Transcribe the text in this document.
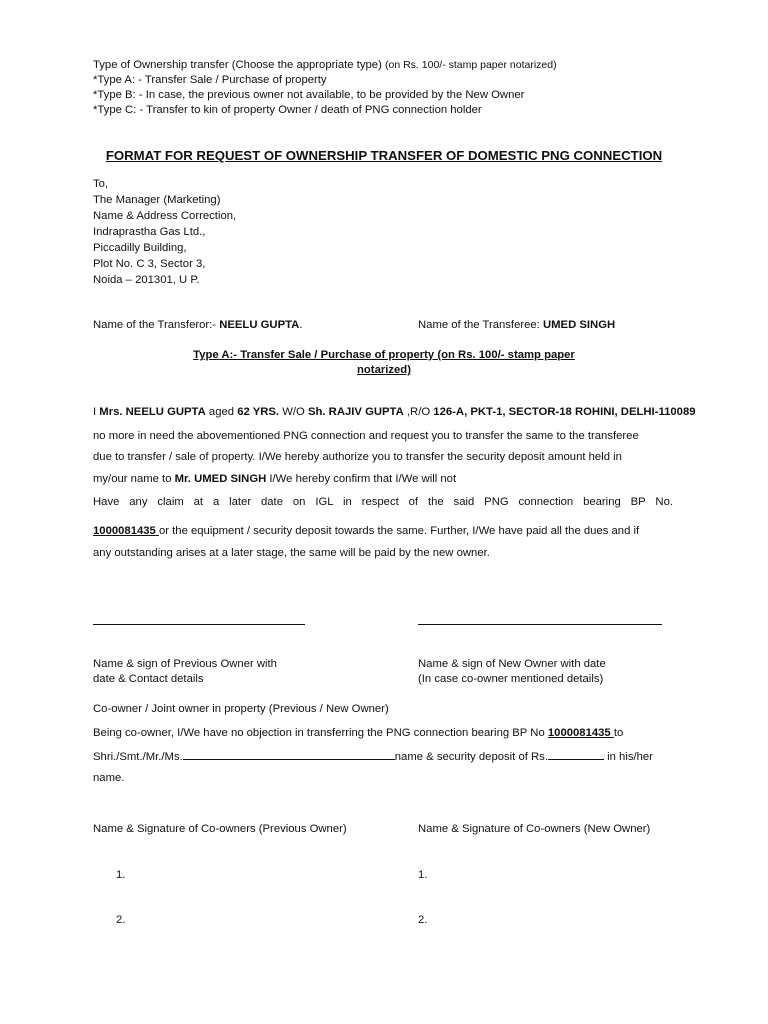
Type of Ownership transfer (Choose the appropriate type) (on Rs. 100/- stamp paper notarized)
*Type A: - Transfer Sale / Purchase of property
*Type B: - In case, the previous owner not available, to be provided by the New Owner
*Type C: - Transfer to kin of property Owner / death of PNG connection holder
FORMAT FOR REQUEST OF OWNERSHIP TRANSFER OF DOMESTIC PNG CONNECTION
To,
The Manager (Marketing)
Name & Address Correction,
Indraprastha Gas Ltd.,
Piccadilly Building,
Plot No. C 3, Sector 3,
Noida – 201301, U P.
Name of the Transferor:- NEELU GUPTA.	Name of the Transferee: UMED SINGH
Type A:- Transfer Sale / Purchase of property (on Rs. 100/- stamp paper
notarized)
I Mrs. NEELU GUPTA aged 62 YRS. W/O Sh. RAJIV GUPTA ,R/O 126-A, PKT-1, SECTOR-18 ROHINI, DELHI-110089
no more in need the abovementioned PNG connection and request you to transfer the same to the transferee
due to transfer / sale of property. I/We hereby authorize you to transfer the security deposit amount held in
my/our name to Mr. UMED SINGH I/We hereby confirm that I/We will not
Have any claim at a later date on IGL in respect of the said PNG connection bearing BP No.
1000081435 or the equipment / security deposit towards the same. Further, I/We have paid all the dues and if
any outstanding arises at a later stage, the same will be paid by the new owner.
Name & sign of Previous Owner with
date & Contact details
Name & sign of New Owner with date
(In case co-owner mentioned details)
Co-owner / Joint owner in property (Previous / New Owner)
Being co-owner, I/We have no objection in transferring the PNG connection bearing BP No 1000081435 to
Shri./Smt./Mr./Ms.	name & security deposit of Rs.	in his/her
name.
Name & Signature of Co-owners (Previous Owner)	Name & Signature of Co-owners (New Owner)
1.	1.
2.	2.
